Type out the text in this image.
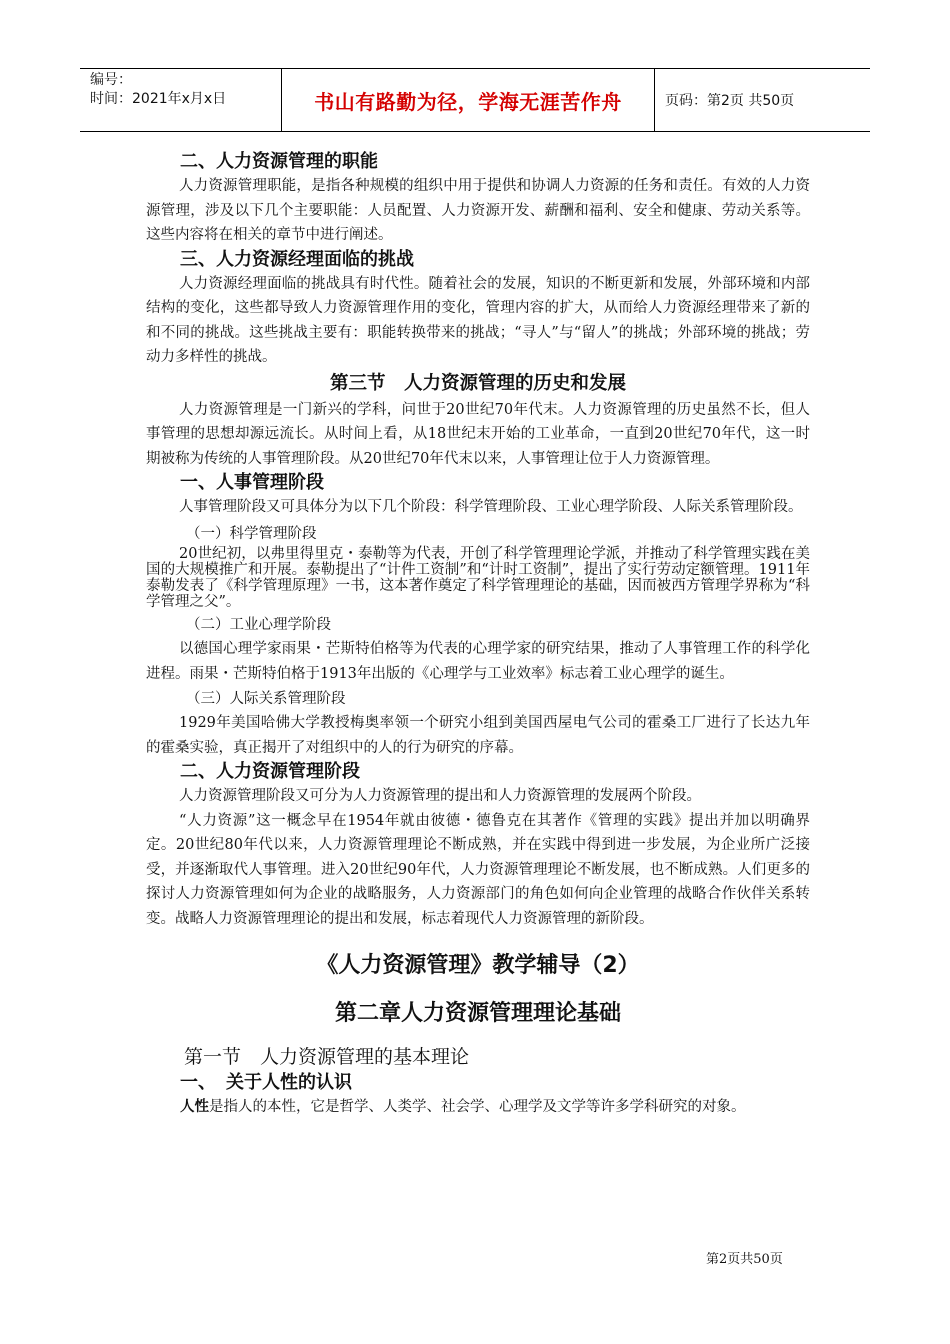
编号：
时间：2021年x月x日	书山有路勤为径，学海无涯苦作舟	页码：第2页 共50页
二、人力资源管理的职能

人力资源管理职能，是指各种规模的组织中用于提供和协调人力资源的任务和责任。有效的人力资源管理，涉及以下几个主要职能：人员配置、人力资源开发、薪酬和福利、安全和健康、劳动关系等。这些内容将在相关的章节中进行阐述。

三、人力资源经理面临的挑战

人力资源经理面临的挑战具有时代性。随着社会的发展，知识的不断更新和发展，外部环境和内部结构的变化，这些都导致人力资源管理作用的变化，管理内容的扩大，从而给人力资源经理带来了新的和不同的挑战。这些挑战主要有：职能转换带来的挑战；“寻人”与“留人”的挑战；外部环境的挑战；劳动力多样性的挑战。

第三节　人力资源管理的历史和发展

人力资源管理是一门新兴的学科，问世于20世纪70年代末。人力资源管理的历史虽然不长，但人事管理的思想却源远流长。从时间上看，从18世纪末开始的工业革命，一直到20世纪70年代，这一时期被称为传统的人事管理阶段。从20世纪70年代末以来，人事管理让位于人力资源管理。

一、人事管理阶段

人事管理阶段又可具体分为以下几个阶段：科学管理阶段、工业心理学阶段、人际关系管理阶段。

（一）科学管理阶段

20世纪初，以弗里得里克・泰勒等为代表，开创了科学管理理论学派，并推动了科学管理实践在美国的大规模推广和开展。泰勒提出了“计件工资制”和“计时工资制”，提出了实行劳动定额管理。1911年泰勒发表了《科学管理原理》一书，这本著作奠定了科学管理理论的基础，因而被西方管理学界称为“科学管理之父”。

（二）工业心理学阶段

以德国心理学家雨果・芒斯特伯格等为代表的心理学家的研究结果，推动了人事管理工作的科学化进程。雨果・芒斯特伯格于1913年出版的《心理学与工业效率》标志着工业心理学的诞生。

（三）人际关系管理阶段

1929年美国哈佛大学教授梅奥率领一个研究小组到美国西屋电气公司的霍桑工厂进行了长达九年的霍桑实验，真正揭开了对组织中的人的行为研究的序幕。

二、人力资源管理阶段

人力资源管理阶段又可分为人力资源管理的提出和人力资源管理的发展两个阶段。

“人力资源”这一概念早在1954年就由彼德・德鲁克在其著作《管理的实践》提出并加以明确界定。20世纪80年代以来，人力资源管理理论不断成熟，并在实践中得到进一步发展，为企业所广泛接受，并逐渐取代人事管理。进入20世纪90年代，人力资源管理理论不断发展，也不断成熟。人们更多的探讨人力资源管理如何为企业的战略服务，人力资源部门的角色如何向企业管理的战略合作伙伴关系转变。战略人力资源管理理论的提出和发展，标志着现代人力资源管理的新阶段。

《人力资源管理》教学辅导（2）
第二章人力资源管理理论基础
第一节　人力资源管理的基本理论
一、 关于人性的认识

人性是指人的本性，它是哲学、人类学、社会学、心理学及文学等许多学科研究的对象。

第2页共50页
